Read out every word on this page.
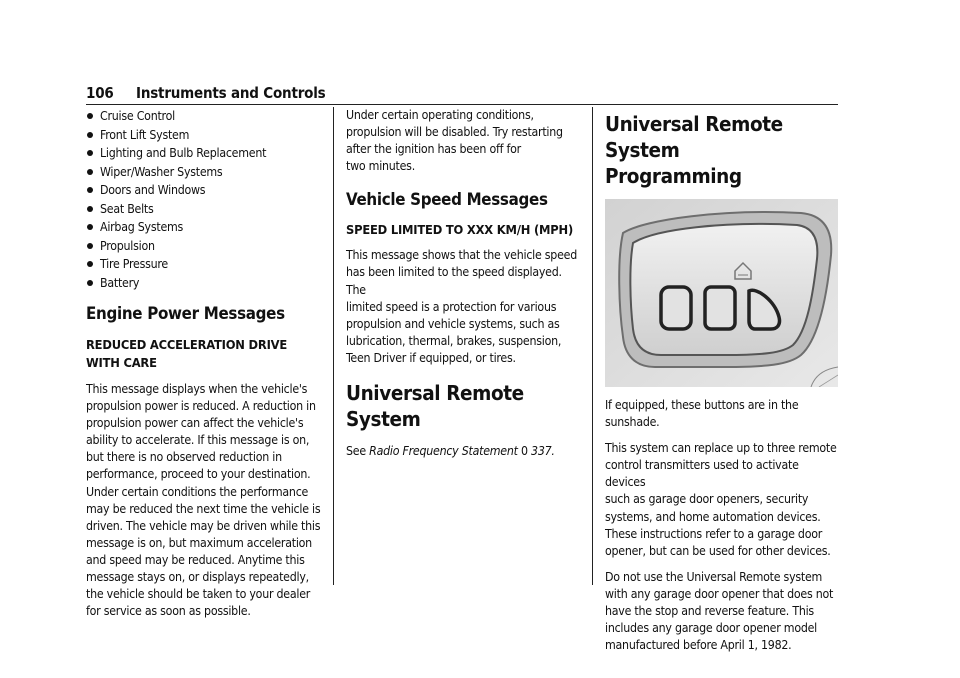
106 Instruments and Controls
Cruise Control
Front Lift System
Lighting and Bulb Replacement
Wiper/Washer Systems
Doors and Windows
Seat Belts
Airbag Systems
Propulsion
Tire Pressure
Battery
Engine Power Messages
REDUCED ACCELERATION DRIVE
WITH CARE

This message displays when the vehicle's
propulsion power is reduced. A reduction in
propulsion power can affect the vehicle's
ability to accelerate. If this message is on,
but there is no observed reduction in
performance, proceed to your destination.
Under certain conditions the performance
may be reduced the next time the vehicle is
driven. The vehicle may be driven while this
message is on, but maximum acceleration
and speed may be reduced. Anytime this
message stays on, or displays repeatedly,
the vehicle should be taken to your dealer
for service as soon as possible.

Under certain operating conditions,
propulsion will be disabled. Try restarting
after the ignition has been off for
two minutes.

Vehicle Speed Messages
SPEED LIMITED TO XXX KM/H (MPH)

This message shows that the vehicle speed
has been limited to the speed displayed. The
limited speed is a protection for various
propulsion and vehicle systems, such as
lubrication, thermal, brakes, suspension,
Teen Driver if equipped, or tires.

Universal Remote System

See Radio Frequency Statement 0 337.

Universal Remote System
Programming

If equipped, these buttons are in the
sunshade.

This system can replace up to three remote
control transmitters used to activate devices
such as garage door openers, security
systems, and home automation devices.
These instructions refer to a garage door
opener, but can be used for other devices.

Do not use the Universal Remote system
with any garage door opener that does not
have the stop and reverse feature. This
includes any garage door opener model
manufactured before April 1, 1982.
